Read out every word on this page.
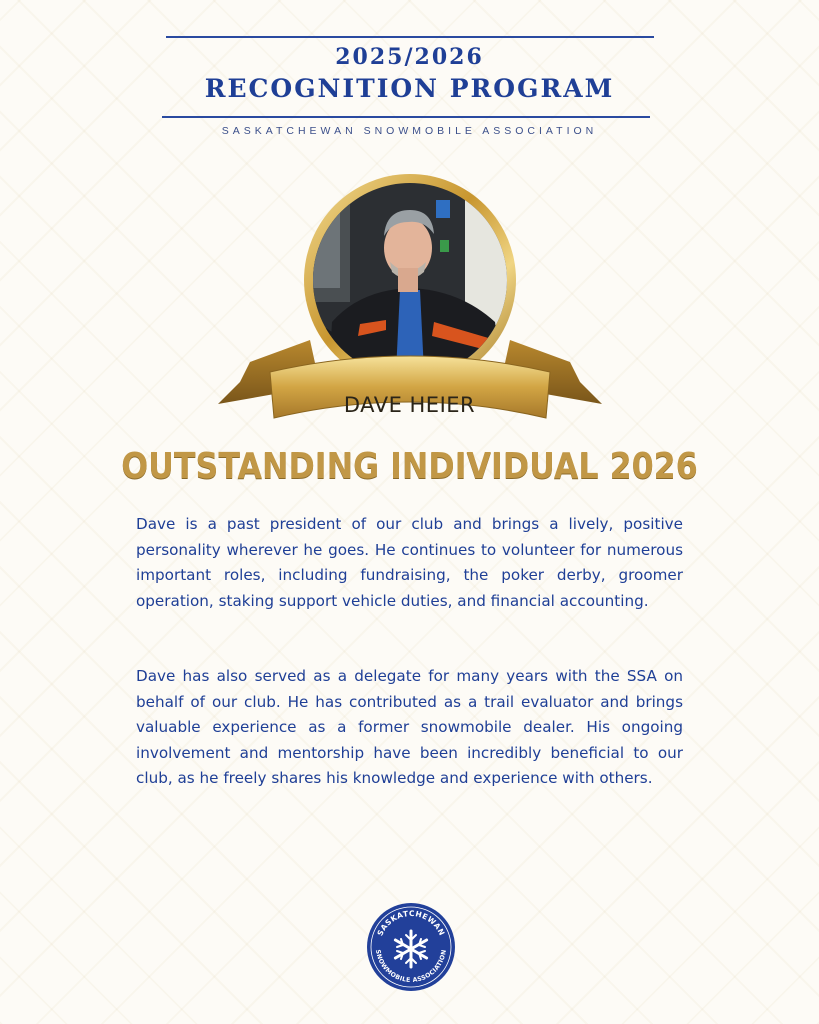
2025/2026
RECOGNITION PROGRAM
SASKATCHEWAN SNOWMOBILE ASSOCIATION
DAVE HEIER
OUTSTANDING INDIVIDUAL 2026

Dave is a past president of our club and brings a lively, positive personality wherever he goes. He continues to volunteer for numerous important roles, including fundraising, the poker derby, groomer operation, staking support vehicle duties, and financial accounting.

Dave has also served as a delegate for many years with the SSA on behalf of our club. He has contributed as a trail evaluator and brings valuable experience as a former snowmobile dealer. His ongoing involvement and mentorship have been incredibly beneficial to our club, as he freely shares his knowledge and experience with others.

SASKATCHEWAN
SNOWMOBILE ASSOCIATION
